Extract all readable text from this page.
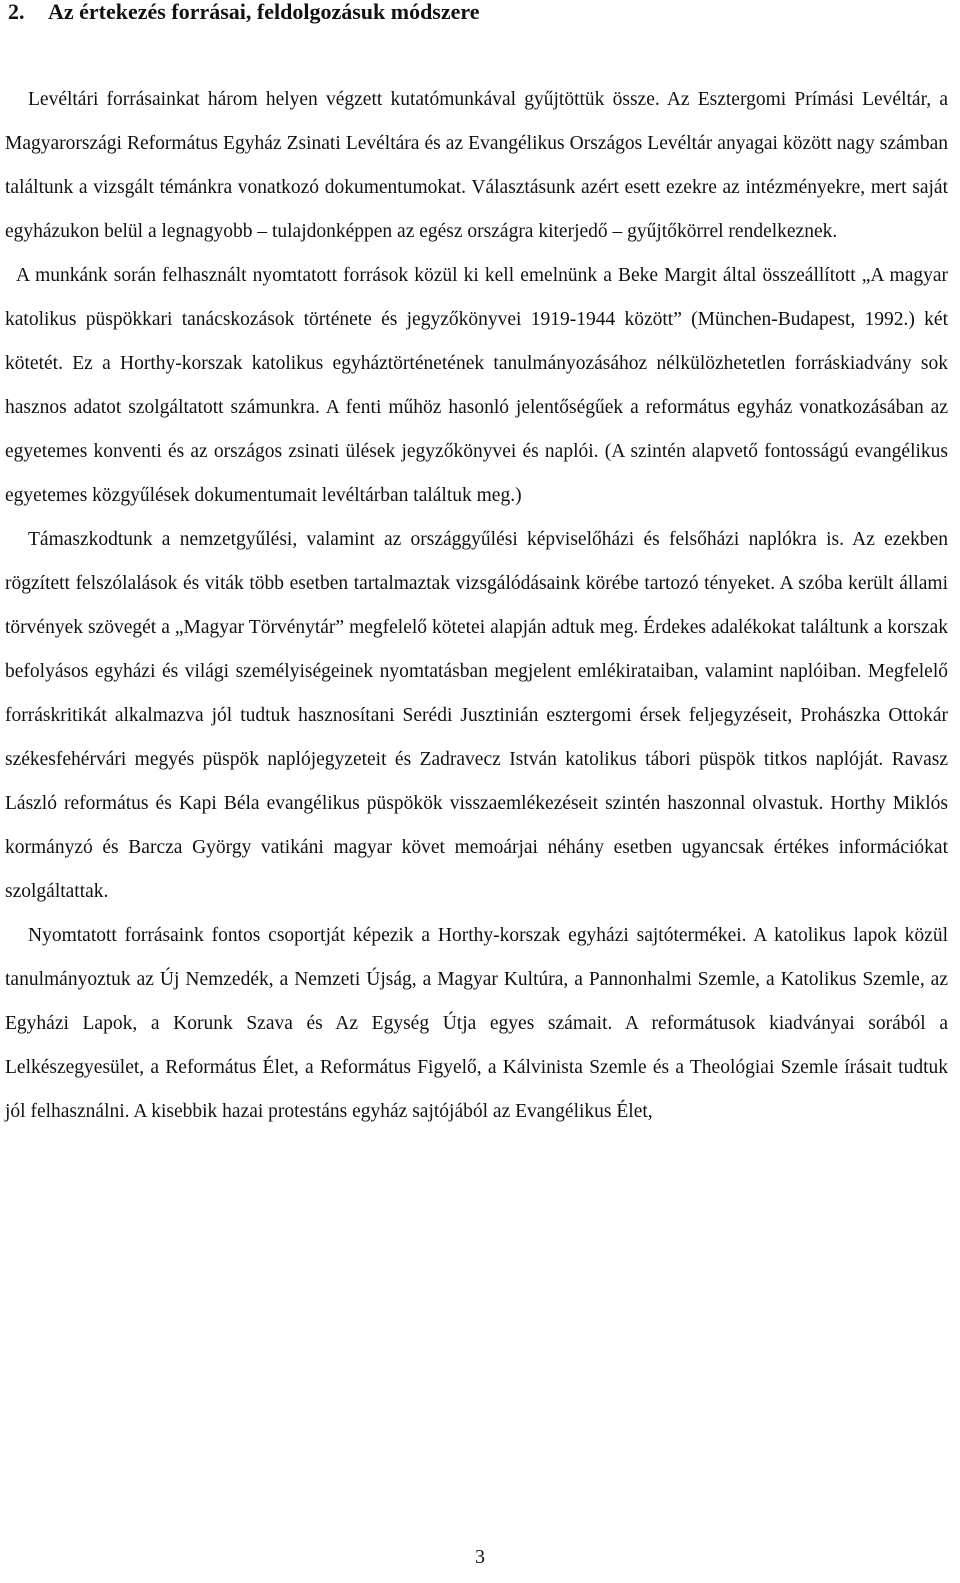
2. Az értekezés forrásai, feldolgozásuk módszere

Levéltári forrásainkat három helyen végzett kutatómunkával gyűjtöttük össze. Az Esztergomi Prímási Levéltár, a Magyarországi Református Egyház Zsinati Levéltára és az Evangélikus Országos Levéltár anyagai között nagy számban találtunk a vizsgált témánkra vonatkozó dokumentumokat. Választásunk azért esett ezekre az intézményekre, mert saját egyházukon belül a legnagyobb – tulajdonképpen az egész országra kiterjedő – gyűjtőkörrel rendelkeznek.

A munkánk során felhasznált nyomtatott források közül ki kell emelnünk a Beke Margit által összeállított „A magyar katolikus püspökkari tanácskozások története és jegyzőkönyvei 1919-1944 között” (München-Budapest, 1992.) két kötetét. Ez a Horthy-korszak katolikus egyháztörténetének tanulmányozásához nélkülözhetetlen forráskiadvány sok hasznos adatot szolgáltatott számunkra. A fenti műhöz hasonló jelentőségűek a református egyház vonatkozásában az egyetemes konventi és az országos zsinati ülések jegyzőkönyvei és naplói. (A szintén alapvető fontosságú evangélikus egyetemes közgyűlések dokumentumait levéltárban találtuk meg.)

Támaszkodtunk a nemzetgyűlési, valamint az országgyűlési képviselőházi és felsőházi naplókra is. Az ezekben rögzített felszólalások és viták több esetben tartalmaztak vizsgálódásaink körébe tartozó tényeket. A szóba került állami törvények szövegét a „Magyar Törvénytár” megfelelő kötetei alapján adtuk meg. Érdekes adalékokat találtunk a korszak befolyásos egyházi és világi személyiségeinek nyomtatásban megjelent emlékirataiban, valamint naplóiban. Megfelelő forráskritikát alkalmazva jól tudtuk hasznosítani Serédi Jusztinián esztergomi érsek feljegyzéseit, Prohászka Ottokár székesfehérvári megyés püspök naplójegyzeteit és Zadravecz István katolikus tábori püspök titkos naplóját. Ravasz László református és Kapi Béla evangélikus püspökök visszaemlékezéseit szintén haszonnal olvastuk. Horthy Miklós kormányzó és Barcza György vatikáni magyar követ memoárjai néhány esetben ugyancsak értékes információkat szolgáltattak.

Nyomtatott forrásaink fontos csoportját képezik a Horthy-korszak egyházi sajtótermékei. A katolikus lapok közül tanulmányoztuk az Új Nemzedék, a Nemzeti Újság, a Magyar Kultúra, a Pannonhalmi Szemle, a Katolikus Szemle, az Egyházi Lapok, a Korunk Szava és Az Egység Útja egyes számait. A reformátusok kiadványai sorából a Lelkészegyesület, a Református Élet, a Református Figyelő, a Kálvinista Szemle és a Theológiai Szemle írásait tudtuk jól felhasználni. A kisebbik hazai protestáns egyház sajtójából az Evangélikus Élet,

3
